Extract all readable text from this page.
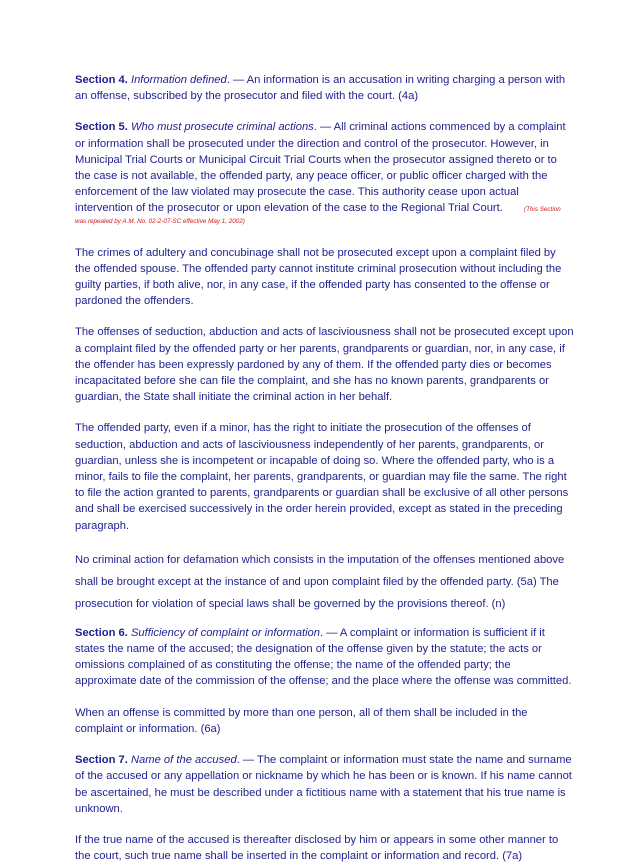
Section 4. Information defined. — An information is an accusation in writing charging a person with an offense, subscribed by the prosecutor and filed with the court. (4a)

Section 5. Who must prosecute criminal actions. — All criminal actions commenced by a complaint or information shall be prosecuted under the direction and control of the prosecutor. However, in Municipal Trial Courts or Municipal Circuit Trial Courts when the prosecutor assigned thereto or to the case is not available, the offended party, any peace officer, or public officer charged with the enforcement of the law violated may prosecute the case. This authority cease upon actual intervention of the prosecutor or upon elevation of the case to the Regional Trial Court.	(This Section
was repealed by A.M. No. 02-2-07-SC effective May 1, 2002)

The crimes of adultery and concubinage shall not be prosecuted except upon a complaint filed by the offended spouse. The offended party cannot institute criminal prosecution without including the guilty parties, if both alive, nor, in any case, if the offended party has consented to the offense or pardoned the offenders.

The offenses of seduction, abduction and acts of lasciviousness shall not be prosecuted except upon a complaint filed by the offended party or her parents, grandparents or guardian, nor, in any case, if the offender has been expressly pardoned by any of them. If the offended party dies or becomes incapacitated before she can file the complaint, and she has no known parents, grandparents or guardian, the State shall initiate the criminal action in her behalf.

The offended party, even if a minor, has the right to initiate the prosecution of the offenses of seduction, abduction and acts of lasciviousness independently of her parents, grandparents, or guardian, unless she is incompetent or incapable of doing so. Where the offended party, who is a minor, fails to file the complaint, her parents, grandparents, or guardian may file the same. The right to file the action granted to parents, grandparents or guardian shall be exclusive of all other persons and shall be exercised successively in the order herein provided, except as stated in the preceding paragraph.

No criminal action for defamation which consists in the imputation of the offenses mentioned above shall be brought except at the instance of and upon complaint filed by the offended party. (5a) The prosecution for violation of special laws shall be governed by the provisions thereof. (n)

Section 6. Sufficiency of complaint or information. — A complaint or information is sufficient if it states the name of the accused; the designation of the offense given by the statute; the acts or omissions complained of as constituting the offense; the name of the offended party; the approximate date of the commission of the offense; and the place where the offense was committed.

When an offense is committed by more than one person, all of them shall be included in the complaint or information. (6a)

Section 7. Name of the accused. — The complaint or information must state the name and surname of the accused or any appellation or nickname by which he has been or is known. If his name cannot be ascertained, he must be described under a fictitious name with a statement that his true name is unknown.

If the true name of the accused is thereafter disclosed by him or appears in some other manner to the court, such true name shall be inserted in the complaint or information and record. (7a)
